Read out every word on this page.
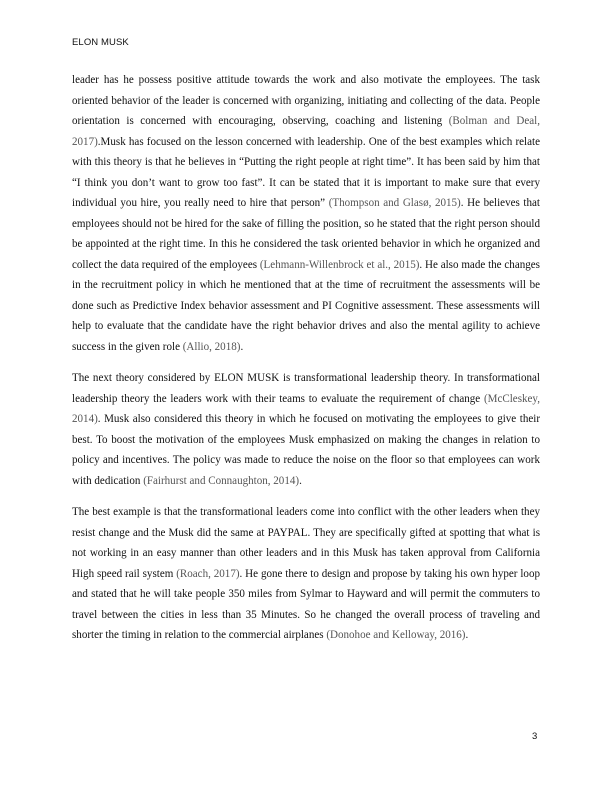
ELON MUSK

leader has he possess positive attitude towards the work and also motivate the employees. The task oriented behavior of the leader is concerned with organizing, initiating and collecting of the data. People orientation is concerned with encouraging, observing, coaching and listening (Bolman and Deal, 2017).Musk has focused on the lesson concerned with leadership. One of the best examples which relate with this theory is that he believes in “Putting the right people at right time”. It has been said by him that “I think you don’t want to grow too fast”. It can be stated that it is important to make sure that every individual you hire, you really need to hire that person” (Thompson and Glasø, 2015). He believes that employees should not be hired for the sake of filling the position, so he stated that the right person should be appointed at the right time. In this he considered the task oriented behavior in which he organized and collect the data required of the employees (Lehmann-Willenbrock et al., 2015). He also made the changes in the recruitment policy in which he mentioned that at the time of recruitment the assessments will be done such as Predictive Index behavior assessment and PI Cognitive assessment. These assessments will help to evaluate that the candidate have the right behavior drives and also the mental agility to achieve success in the given role (Allio, 2018).

The next theory considered by ELON MUSK is transformational leadership theory. In transformational leadership theory the leaders work with their teams to evaluate the requirement of change (McCleskey, 2014). Musk also considered this theory in which he focused on motivating the employees to give their best. To boost the motivation of the employees Musk emphasized on making the changes in relation to policy and incentives. The policy was made to reduce the noise on the floor so that employees can work with dedication (Fairhurst and Connaughton, 2014).

The best example is that the transformational leaders come into conflict with the other leaders when they resist change and the Musk did the same at PAYPAL. They are specifically gifted at spotting that what is not working in an easy manner than other leaders and in this Musk has taken approval from California High speed rail system (Roach, 2017). He gone there to design and propose by taking his own hyper loop and stated that he will take people 350 miles from Sylmar to Hayward and will permit the commuters to travel between the cities in less than 35 Minutes. So he changed the overall process of traveling and shorter the timing in relation to the commercial airplanes (Donohoe and Kelloway, 2016).

3
